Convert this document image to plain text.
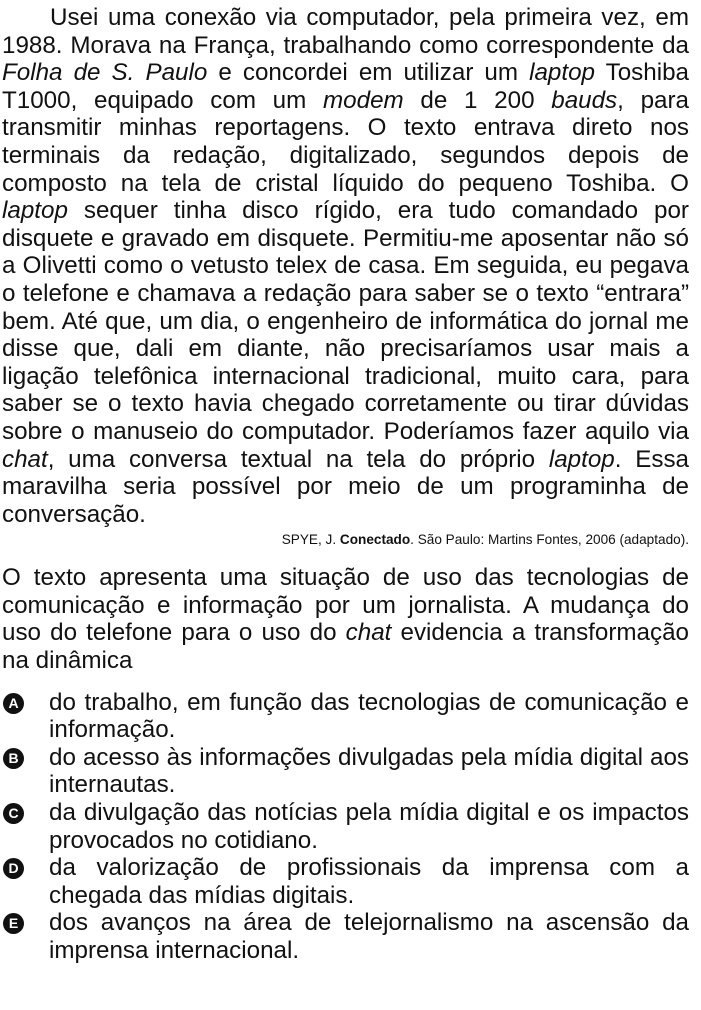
Usei uma conexão via computador, pela primeira vez, em 1988. Morava na França, trabalhando como correspondente da Folha de S. Paulo e concordei em utilizar um laptop Toshiba T1000, equipado com um modem de 1 200 bauds, para transmitir minhas reportagens. O texto entrava direto nos terminais da redação, digitalizado, segundos depois de composto na tela de cristal líquido do pequeno Toshiba. O laptop sequer tinha disco rígido, era tudo comandado por disquete e gravado em disquete. Permitiu-me aposentar não só a Olivetti como o vetusto telex de casa. Em seguida, eu pegava o telefone e chamava a redação para saber se o texto “entrara” bem. Até que, um dia, o engenheiro de informática do jornal me disse que, dali em diante, não precisaríamos usar mais a ligação telefônica internacional tradicional, muito cara, para saber se o texto havia chegado corretamente ou tirar dúvidas sobre o manuseio do computador. Poderíamos fazer aquilo via chat, uma conversa textual na tela do próprio laptop. Essa maravilha seria possível por meio de um programinha de conversação.

SPYE, J. Conectado. São Paulo: Martins Fontes, 2006 (adaptado).

O texto apresenta uma situação de uso das tecnologias de comunicação e informação por um jornalista. A mudança do uso do telefone para o uso do chat evidencia a transformação na dinâmica

A do trabalho, em função das tecnologias de comunicação e informação.
B do acesso às informações divulgadas pela mídia digital aos internautas.
C da divulgação das notícias pela mídia digital e os impactos provocados no cotidiano.
D da valorização de profissionais da imprensa com a chegada das mídias digitais.
E dos avanços na área de telejornalismo na ascensão da imprensa internacional.
